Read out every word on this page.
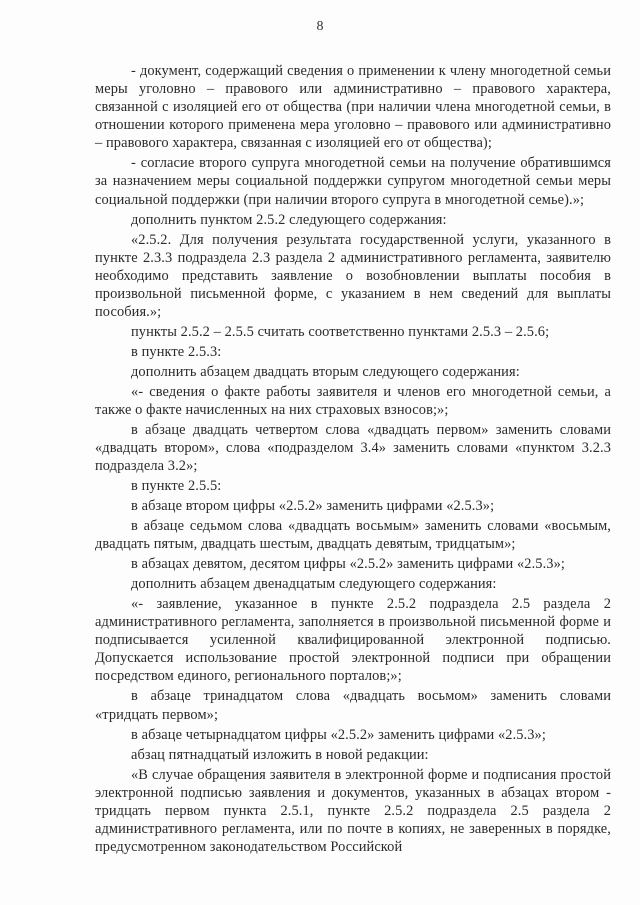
8

- документ, содержащий сведения о применении к члену многодетной семьи меры уголовно – правового или административно – правового характера, связанной с изоляцией его от общества (при наличии члена многодетной семьи, в отношении которого применена мера уголовно – правового или административно – правового характера, связанная с изоляцией его от общества);

- согласие второго супруга многодетной семьи на получение обратившимся за назначением меры социальной поддержки супругом многодетной семьи меры социальной поддержки (при наличии второго супруга в многодетной семье).»;

дополнить пунктом 2.5.2 следующего содержания:

«2.5.2. Для получения результата государственной услуги, указанного в пункте 2.3.3 подраздела 2.3 раздела 2 административного регламента, заявителю необходимо представить заявление о возобновлении выплаты пособия в произвольной письменной форме, с указанием в нем сведений для выплаты пособия.»;

пункты 2.5.2 – 2.5.5 считать соответственно пунктами 2.5.3 – 2.5.6;

в пункте 2.5.3:

дополнить абзацем двадцать вторым следующего содержания:

«- сведения о факте работы заявителя и членов его многодетной семьи, а также о факте начисленных на них страховых взносов;»;

в абзаце двадцать четвертом слова «двадцать первом» заменить словами «двадцать втором», слова «подразделом 3.4» заменить словами «пунктом 3.2.3 подраздела 3.2»;

в пункте 2.5.5:

в абзаце втором цифры «2.5.2» заменить цифрами «2.5.3»;

в абзаце седьмом слова «двадцать восьмым» заменить словами «восьмым, двадцать пятым, двадцать шестым, двадцать девятым, тридцатым»;

в абзацах девятом, десятом цифры «2.5.2» заменить цифрами «2.5.3»;

дополнить абзацем двенадцатым следующего содержания:

«- заявление, указанное в пункте 2.5.2 подраздела 2.5 раздела 2 административного регламента, заполняется в произвольной письменной форме и подписывается усиленной квалифицированной электронной подписью. Допускается использование простой электронной подписи при обращении посредством единого, регионального порталов;»;

в абзаце тринадцатом слова «двадцать восьмом» заменить словами «тридцать первом»;

в абзаце четырнадцатом цифры «2.5.2» заменить цифрами «2.5.3»;

абзац пятнадцатый изложить в новой редакции:

«В случае обращения заявителя в электронной форме и подписания простой электронной подписью заявления и документов, указанных в абзацах втором - тридцать первом пункта 2.5.1, пункте 2.5.2 подраздела 2.5 раздела 2 административного регламента, или по почте в копиях, не заверенных в порядке, предусмотренном законодательством Российской
